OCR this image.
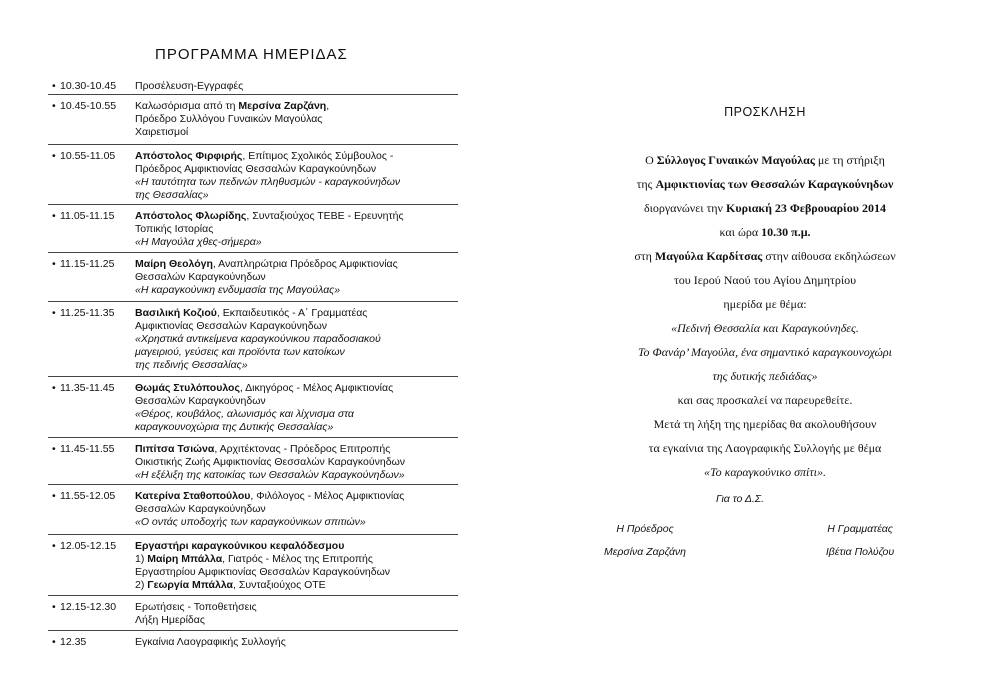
ΠΡΟΓΡΑΜΜΑ ΗΜΕΡΙΔΑΣ
• 10.30-10.45 Προσέλευση-Εγγραφές
• 10.45-10.55 Καλωσόρισμα από τη Μερσίνα Ζαρζάνη,
Πρόεδρο Συλλόγου Γυναικών Μαγούλας
Χαιρετισμοί
• 10.55-11.05 Απόστολος Φιρφιρής, Επίτιμος Σχολικός Σύμβουλος -
Πρόεδρος Αμφικτιονίας Θεσσαλών Καραγκούνηδων
«Η ταυτότητα των πεδινών πληθυσμών - καραγκούνηδων
της Θεσσαλίας»
• 11.05-11.15 Απόστολος Φλωρίδης, Συνταξιούχος ΤΕΒΕ - Ερευνητής
Τοπικής Ιστορίας
«Η Μαγούλα χθες-σήμερα»
• 11.15-11.25 Μαίρη Θεολόγη, Αναπληρώτρια Πρόεδρος Αμφικτιονίας
Θεσσαλών Καραγκούνηδων
«Η καραγκούνικη ενδυμασία της Μαγούλας»
• 11.25-11.35 Βασιλική Κοζιού, Εκπαιδευτικός - Α΄ Γραμματέας
Αμφικτιονίας Θεσσαλών Καραγκούνηδων
«Χρηστικά αντικείμενα καραγκούνικου παραδοσιακού
μαγειριού, γεύσεις και προϊόντα των κατοίκων
της πεδινής Θεσσαλίας»
• 11.35-11.45 Θωμάς Στυλόπουλος, Δικηγόρος - Μέλος Αμφικτιονίας
Θεσσαλών Καραγκούνηδων
«Θέρος, κουβάλος, αλωνισμός και λίχνισμα στα
καραγκουνοχώρια της Δυτικής Θεσσαλίας»
• 11.45-11.55 Πιπίτσα Τσιώνα, Αρχιτέκτονας - Πρόεδρος Επιτροπής
Οικιστικής Ζωής Αμφικτιονίας Θεσσαλών Καραγκούνηδων
«Η εξέλιξη της κατοικίας των Θεσσαλών Καραγκούνηδων»
• 11.55-12.05 Κατερίνα Σταθοπούλου, Φιλόλογος - Μέλος Αμφικτιονίας
Θεσσαλών Καραγκούνηδων
«Ο οντάς υποδοχής των καραγκούνικων σπιτιών»
• 12.05-12.15 Εργαστήρι καραγκούνικου κεφαλόδεσμου
1) Μαίρη Μπάλλα, Γιατρός - Μέλος της Επιτροπής
Εργαστηρίου Αμφικτιονίας Θεσσαλών Καραγκούνηδων
2) Γεωργία Μπάλλα, Συνταξιούχος ΟΤΕ
• 12.15-12.30 Ερωτήσεις - Τοποθετήσεις
Λήξη Ημερίδας
• 12.35	Εγκαίνια Λαογραφικής Συλλογής
ΠΡΟΣΚΛΗΣΗ
Ο Σύλλογος Γυναικών Μαγούλας με τη στήριξη
της Αμφικτιονίας των Θεσσαλών Καραγκούνηδων
διοργανώνει την Κυριακή 23 Φεβρουαρίου 2014
και ώρα 10.30 π.μ.
στη Μαγούλα Καρδίτσας στην αίθουσα εκδηλώσεων
του Ιερού Ναού του Αγίου Δημητρίου
ημερίδα με θέμα:
«Πεδινή Θεσσαλία και Καραγκούνηδες.
Το Φανάρ’ Μαγούλα, ένα σημαντικό καραγκουνοχώρι
της δυτικής πεδιάδας»
και σας προσκαλεί να παρευρεθείτε.
Μετά τη λήξη της ημερίδας θα ακολουθήσουν
τα εγκαίνια της Λαογραφικής Συλλογής με θέμα
«Το καραγκούνικο σπίτι».
Για το Δ.Σ.
Η Πρόεδρος
Μερσίνα Ζαρζάνη
Η Γραμματέας
Ιβέτια Πολύζου
